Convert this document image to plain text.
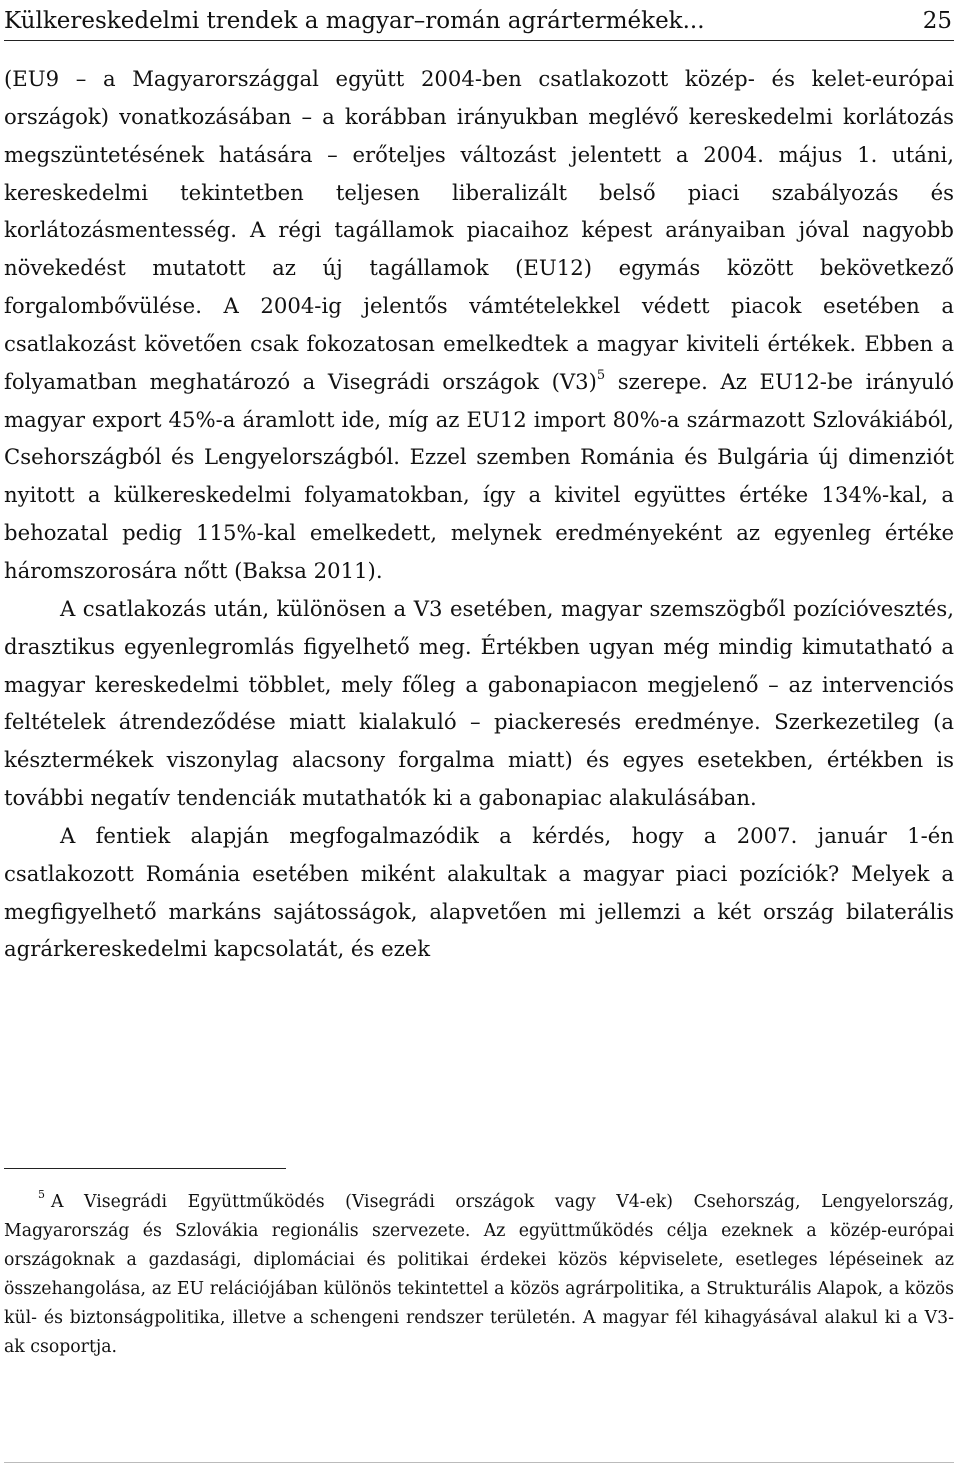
Külkereskedelmi trendek a magyar–román agrártermékek...	25

(EU9 – a Magyarországgal együtt 2004-ben csatlakozott közép- és kelet-európai országok) vonatkozásában – a korábban irányukban meglévő kereskedelmi korlátozás megszüntetésének hatására – erőteljes változást jelentett a 2004. május 1. utáni, kereskedelmi tekintetben teljesen liberalizált belső piaci szabályozás és korlátozásmentesség. A régi tagállamok piacaihoz képest arányaiban jóval nagyobb növekedést mutatott az új tagállamok (EU12) egymás között bekövetkező forgalombővülése. A 2004-ig jelentős vámtételekkel védett piacok esetében a csatlakozást követően csak fokozatosan emelkedtek a magyar kiviteli értékek. Ebben a folyamatban meghatározó a Visegrádi országok (V3)$^5$ szerepe. Az EU12-be irányuló magyar export 45%-a áramlott ide, míg az EU12 import 80%-a származott Szlovákiából, Csehországból és Lengyelországból. Ezzel szemben Románia és Bulgária új dimenziót nyitott a külkereskedelmi folyamatokban, így a kivitel együttes értéke 134%-kal, a behozatal pedig 115%-kal emelkedett, melynek eredményeként az egyenleg értéke háromszorosára nőtt (Baksa 2011).

A csatlakozás után, különösen a V3 esetében, magyar szemszögből pozícióvesztés, drasztikus egyenlegromlás figyelhető meg. Értékben ugyan még mindig kimutatható a magyar kereskedelmi többlet, mely főleg a gabonapiacon megjelenő – az intervenciós feltételek átrendeződése miatt kialakuló – piackeresés eredménye. Szerkezetileg (a késztermékek viszonylag alacsony forgalma miatt) és egyes esetekben, értékben is további negatív tendenciák mutathatók ki a gabonapiac alakulásában.

A fentiek alapján megfogalmazódik a kérdés, hogy a 2007. január 1-én csatlakozott Románia esetében miként alakultak a magyar piaci pozíciók? Melyek a megfigyelhető markáns sajátosságok, alapvetően mi jellemzi a két ország bilaterális agrárkereskedelmi kapcsolatát, és ezek

$^5$ A Visegrádi Együttműködés (Visegrádi országok vagy V4-ek) Csehország, Lengyelország, Magyarország és Szlovákia regionális szervezete. Az együttműködés célja ezeknek a közép-európai országoknak a gazdasági, diplomáciai és politikai érdekei közös képviselete, esetleges lépéseinek az összehangolása, az EU relációjában különös tekintettel a közös agrárpolitika, a Strukturális Alapok, a közös kül- és biztonságpolitika, illetve a schengeni rendszer területén. A magyar fél kihagyásával alakul ki a V3-ak csoportja.
